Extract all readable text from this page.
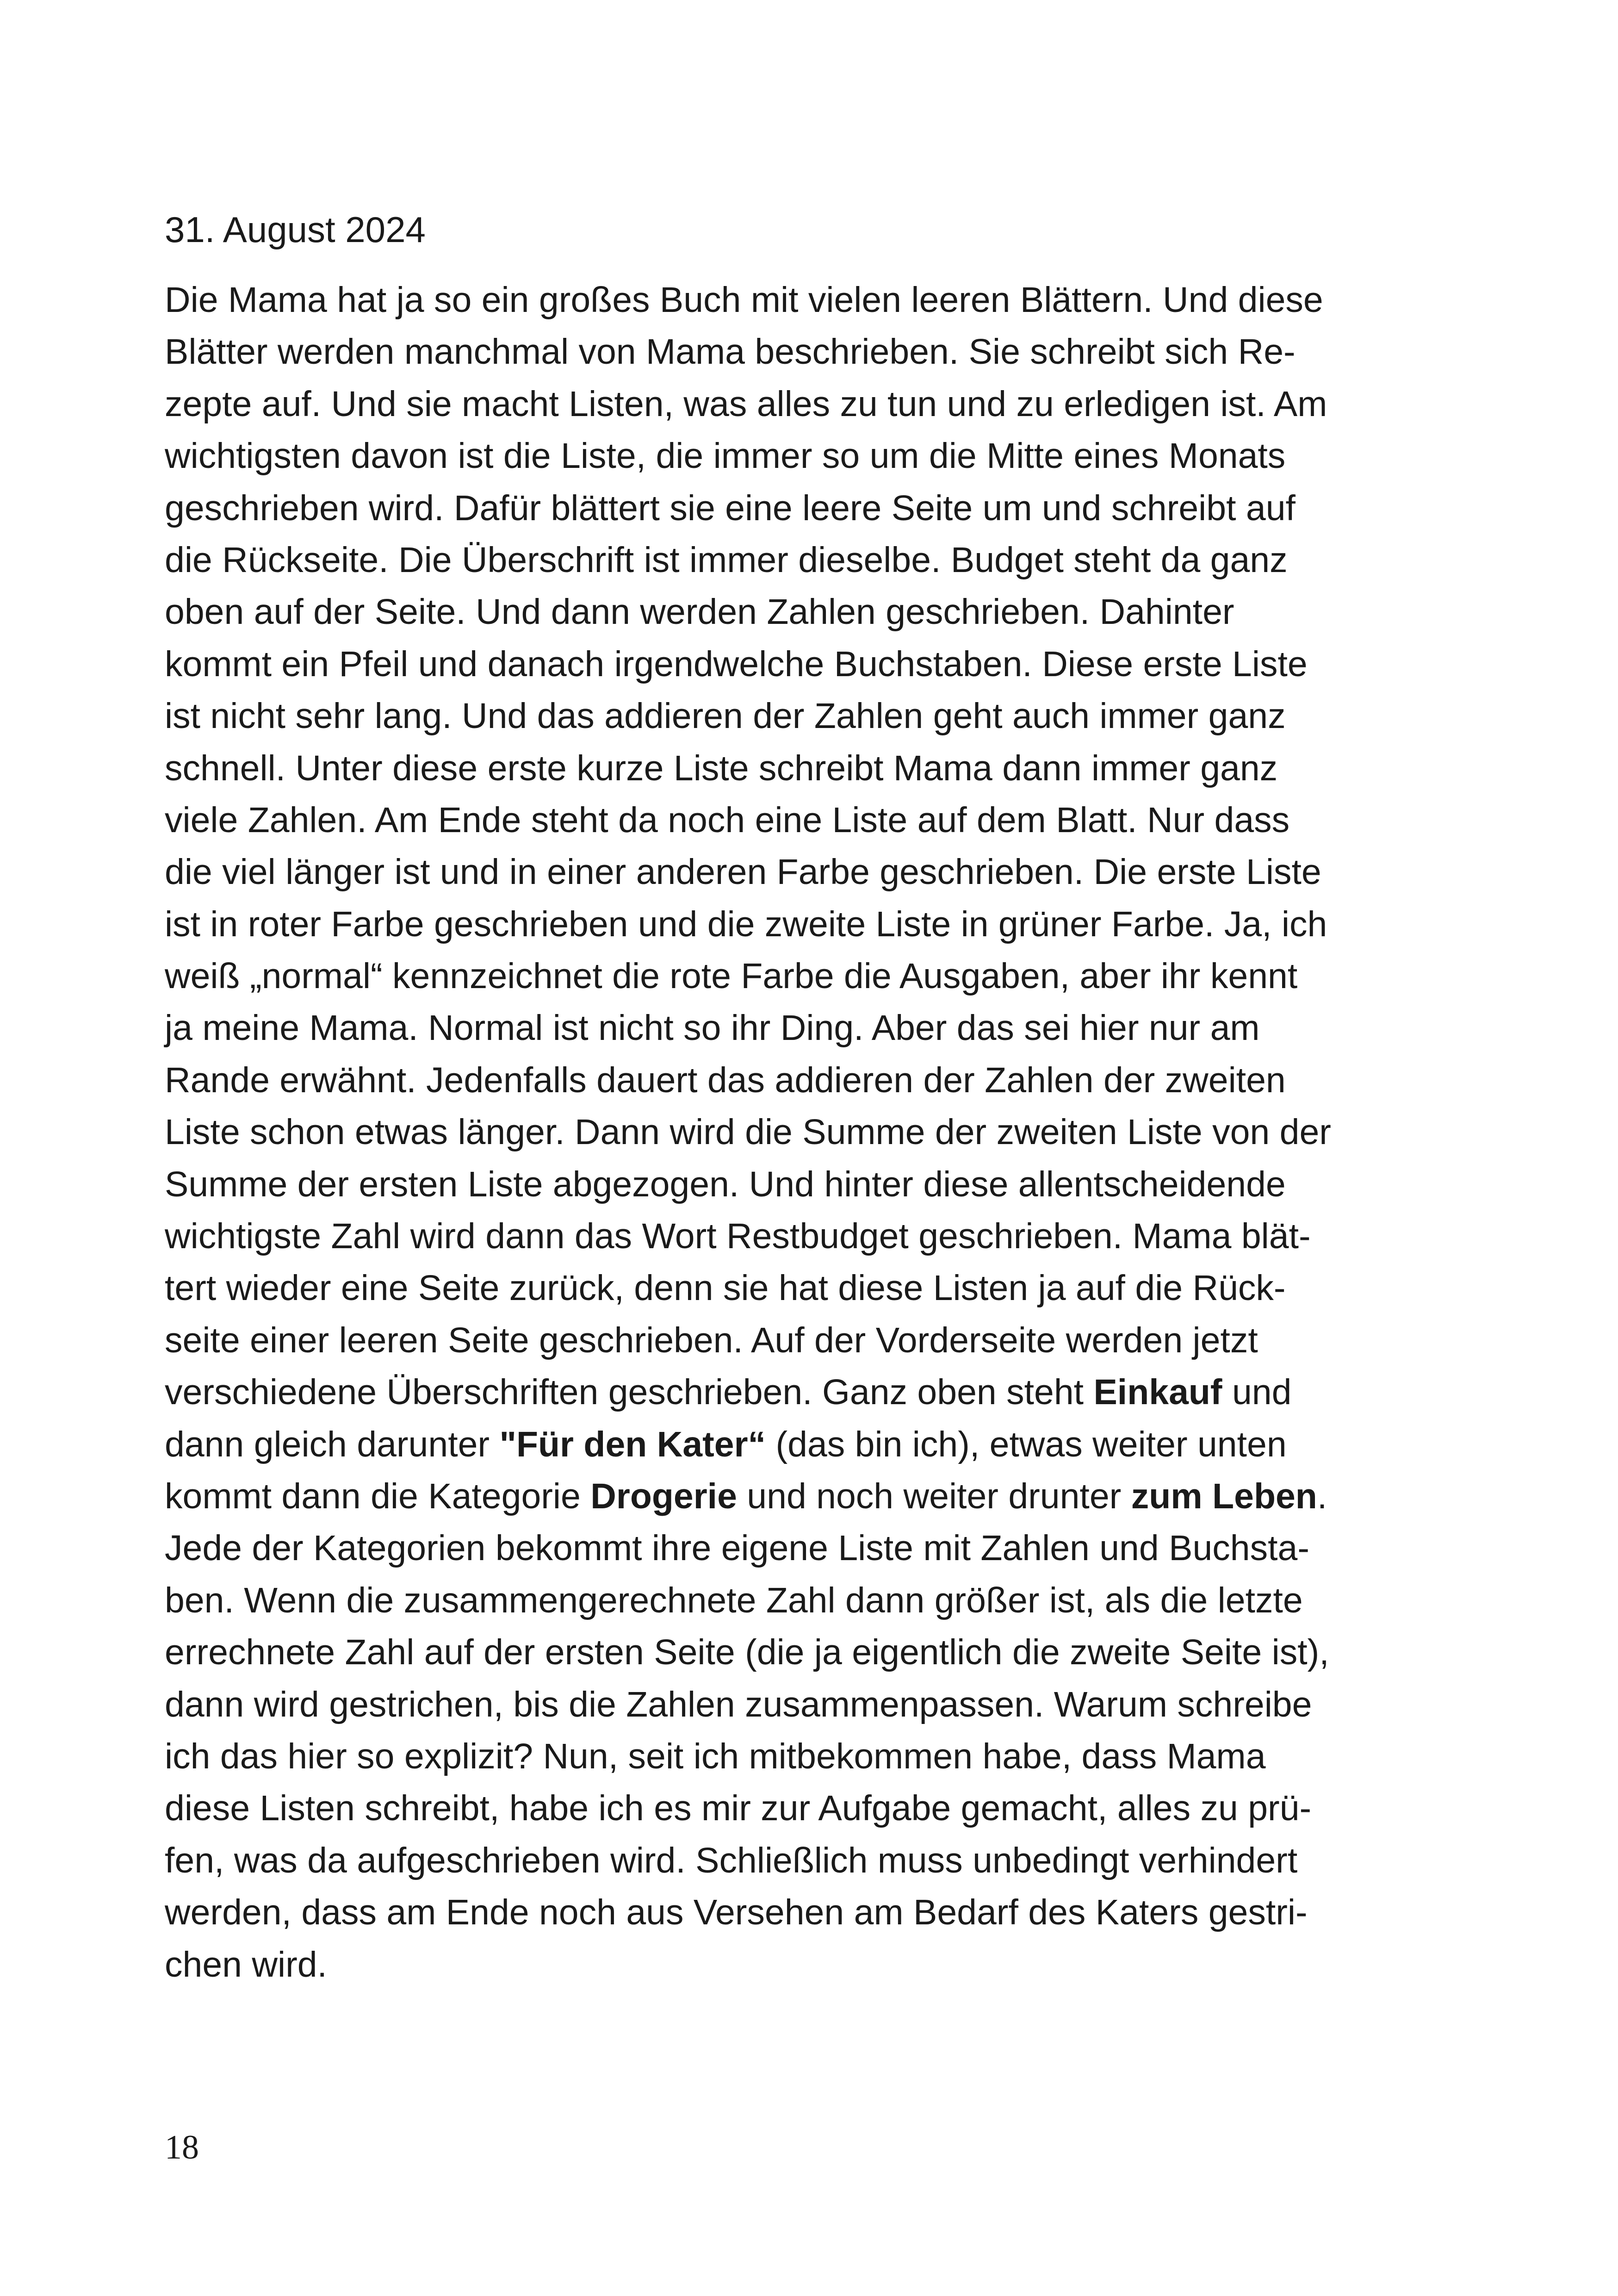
31. August 2024
Die Mama hat ja so ein großes Buch mit vielen leeren Blättern. Und diese
Blätter werden manchmal von Mama beschrieben. Sie schreibt sich Re-
zepte auf. Und sie macht Listen, was alles zu tun und zu erledigen ist. Am
wichtigsten davon ist die Liste, die immer so um die Mitte eines Monats
geschrieben wird. Dafür blättert sie eine leere Seite um und schreibt auf
die Rückseite. Die Überschrift ist immer dieselbe. Budget steht da ganz
oben auf der Seite. Und dann werden Zahlen geschrieben. Dahinter
kommt ein Pfeil und danach irgendwelche Buchstaben. Diese erste Liste
ist nicht sehr lang. Und das addieren der Zahlen geht auch immer ganz
schnell. Unter diese erste kurze Liste schreibt Mama dann immer ganz
viele Zahlen. Am Ende steht da noch eine Liste auf dem Blatt. Nur dass
die viel länger ist und in einer anderen Farbe geschrieben. Die erste Liste
ist in roter Farbe geschrieben und die zweite Liste in grüner Farbe. Ja, ich
weiß „normal“ kennzeichnet die rote Farbe die Ausgaben, aber ihr kennt
ja meine Mama. Normal ist nicht so ihr Ding. Aber das sei hier nur am
Rande erwähnt. Jedenfalls dauert das addieren der Zahlen der zweiten
Liste schon etwas länger. Dann wird die Summe der zweiten Liste von der
Summe der ersten Liste abgezogen. Und hinter diese allentscheidende
wichtigste Zahl wird dann das Wort Restbudget geschrieben. Mama blät-
tert wieder eine Seite zurück, denn sie hat diese Listen ja auf die Rück-
seite einer leeren Seite geschrieben. Auf der Vorderseite werden jetzt
verschiedene Überschriften geschrieben. Ganz oben steht Einkauf und
dann gleich darunter "Für den Kater“ (das bin ich), etwas weiter unten
kommt dann die Kategorie Drogerie und noch weiter drunter zum Leben.
Jede der Kategorien bekommt ihre eigene Liste mit Zahlen und Buchsta-
ben. Wenn die zusammengerechnete Zahl dann größer ist, als die letzte
errechnete Zahl auf der ersten Seite (die ja eigentlich die zweite Seite ist),
dann wird gestrichen, bis die Zahlen zusammenpassen. Warum schreibe
ich das hier so explizit? Nun, seit ich mitbekommen habe, dass Mama
diese Listen schreibt, habe ich es mir zur Aufgabe gemacht, alles zu prü-
fen, was da aufgeschrieben wird. Schließlich muss unbedingt verhindert
werden, dass am Ende noch aus Versehen am Bedarf des Katers gestri-
chen wird.
18
